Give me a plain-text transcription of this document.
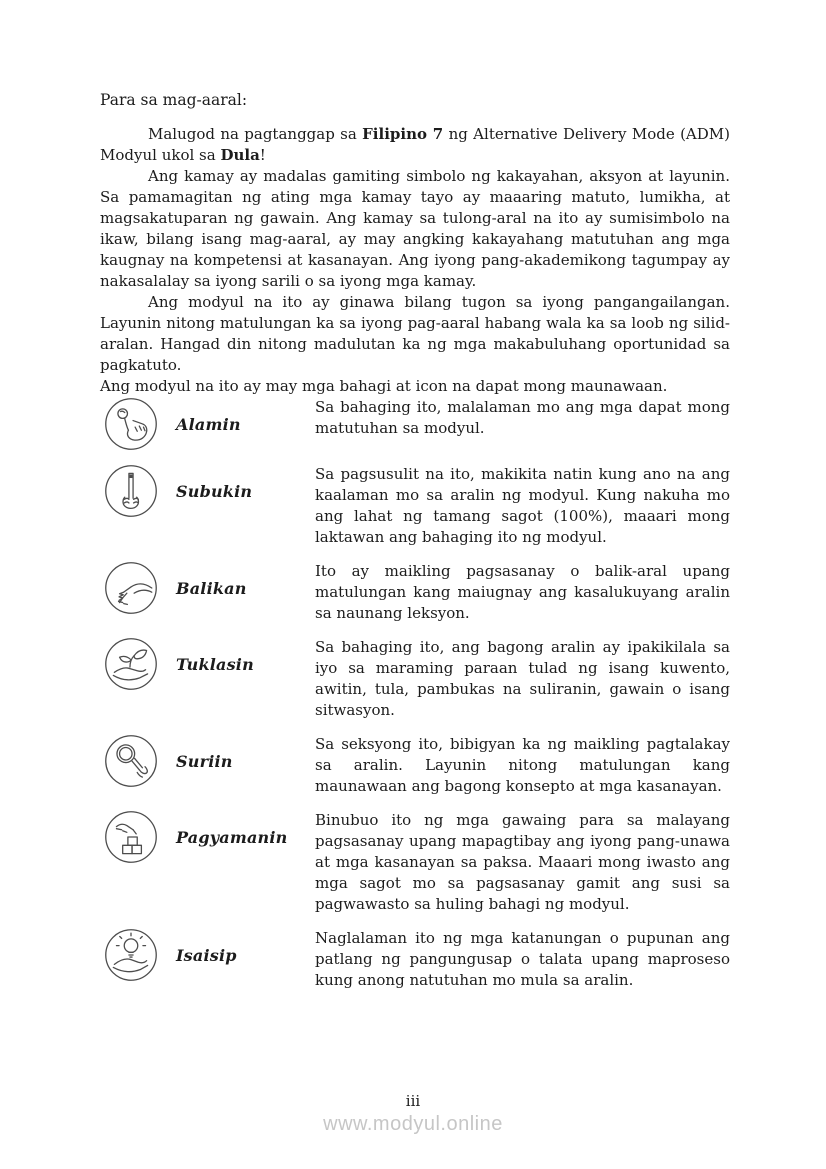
Para sa mag-aaral:

Malugod na pagtanggap sa Filipino 7 ng Alternative Delivery Mode (ADM) Modyul ukol sa Dula!

Ang kamay ay madalas gamiting simbolo ng kakayahan, aksyon at layunin. Sa pamamagitan ng ating mga kamay tayo ay maaaring matuto, lumikha, at magsakatuparan ng gawain. Ang kamay sa tulong-aral na ito ay sumisimbolo na ikaw, bilang isang mag-aaral, ay may angking kakayahang matutuhan ang mga kaugnay na kompetensi at kasanayan. Ang iyong pang-akademikong tagumpay ay nakasalalay sa iyong sarili o sa iyong mga kamay.

Ang modyul na ito ay ginawa bilang tugon sa iyong pangangailangan. Layunin nitong matulungan ka sa iyong pag-aaral habang wala ka sa loob ng silid-aralan. Hangad din nitong madulutan ka ng mga makabuluhang oportunidad sa pagkatuto.

Ang modyul na ito ay may mga bahagi at icon na dapat mong maunawaan.

Alamin
Sa bahaging ito, malalaman mo ang mga dapat mong matutuhan sa modyul.
Subukin
Sa pagsusulit na ito, makikita natin kung ano na ang kaalaman mo sa aralin ng modyul. Kung nakuha mo ang lahat ng tamang sagot (100%), maaari mong laktawan ang bahaging ito ng modyul.
Balikan
Ito ay maikling pagsasanay o balik-aral upang matulungan kang maiugnay ang kasalukuyang aralin sa naunang leksyon.
Tuklasin
Sa bahaging ito, ang bagong aralin ay ipakikilala sa iyo sa maraming paraan tulad ng isang kuwento, awitin, tula, pambukas na suliranin, gawain o isang sitwasyon.
Suriin
Sa seksyong ito, bibigyan ka ng maikling pagtalakay sa aralin. Layunin nitong matulungan kang maunawaan ang bagong konsepto at mga kasanayan.
Pagyamanin
Binubuo ito ng mga gawaing para sa malayang pagsasanay upang mapagtibay ang iyong pang-unawa at mga kasanayan sa paksa. Maaari mong iwasto ang mga sagot mo sa pagsasanay gamit ang susi sa pagwawasto sa huling bahagi ng modyul.
Isaisip
Naglalaman ito ng mga katanungan o pupunan ang patlang ng pangungusap o talata upang maproseso kung anong natutuhan mo mula sa aralin.
iii
www.modyul.online
